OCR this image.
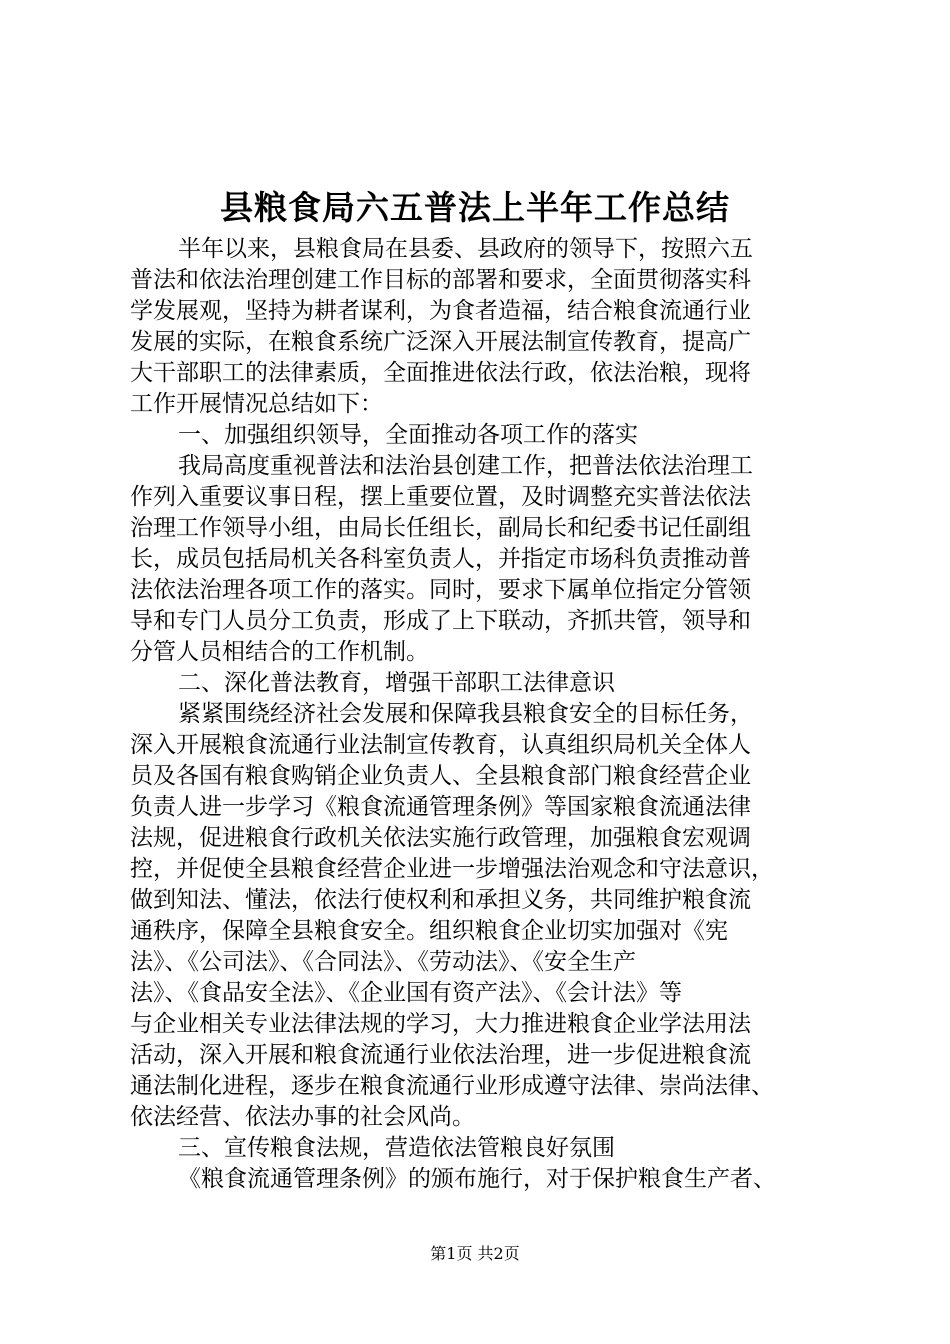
县粮食局六五普法上半年工作总结
半年以来，县粮食局在县委、县政府的领导下，按照六五
普法和依法治理创建工作目标的部署和要求，全面贯彻落实科
学发展观，坚持为耕者谋利，为食者造福，结合粮食流通行业
发展的实际，在粮食系统广泛深入开展法制宣传教育，提高广
大干部职工的法律素质，全面推进依法行政，依法治粮，现将
工作开展情况总结如下：
一、加强组织领导，全面推动各项工作的落实
我局高度重视普法和法治县创建工作，把普法依法治理工
作列入重要议事日程，摆上重要位置，及时调整充实普法依法
治理工作领导小组，由局长任组长，副局长和纪委书记任副组
长，成员包括局机关各科室负责人，并指定市场科负责推动普
法依法治理各项工作的落实。同时，要求下属单位指定分管领
导和专门人员分工负责，形成了上下联动，齐抓共管，领导和
分管人员相结合的工作机制。
二、深化普法教育，增强干部职工法律意识
紧紧围绕经济社会发展和保障我县粮食安全的目标任务，
深入开展粮食流通行业法制宣传教育，认真组织局机关全体人
员及各国有粮食购销企业负责人、全县粮食部门粮食经营企业
负责人进一步学习《粮食流通管理条例》等国家粮食流通法律
法规，促进粮食行政机关依法实施行政管理，加强粮食宏观调
控，并促使全县粮食经营企业进一步增强法治观念和守法意识，
做到知法、懂法，依法行使权利和承担义务，共同维护粮食流
通秩序，保障全县粮食安全。组织粮食企业切实加强对《宪
法》、《公司法》、《合同法》、《劳动法》、《安全生产
法》、《食品安全法》、《企业国有资产法》、《会计法》等
与企业相关专业法律法规的学习，大力推进粮食企业学法用法
活动，深入开展和粮食流通行业依法治理，进一步促进粮食流
通法制化进程，逐步在粮食流通行业形成遵守法律、崇尚法律、
依法经营、依法办事的社会风尚。
三、宣传粮食法规，营造依法管粮良好氛围
《粮食流通管理条例》的颁布施行，对于保护粮食生产者、
第1页 共2页
